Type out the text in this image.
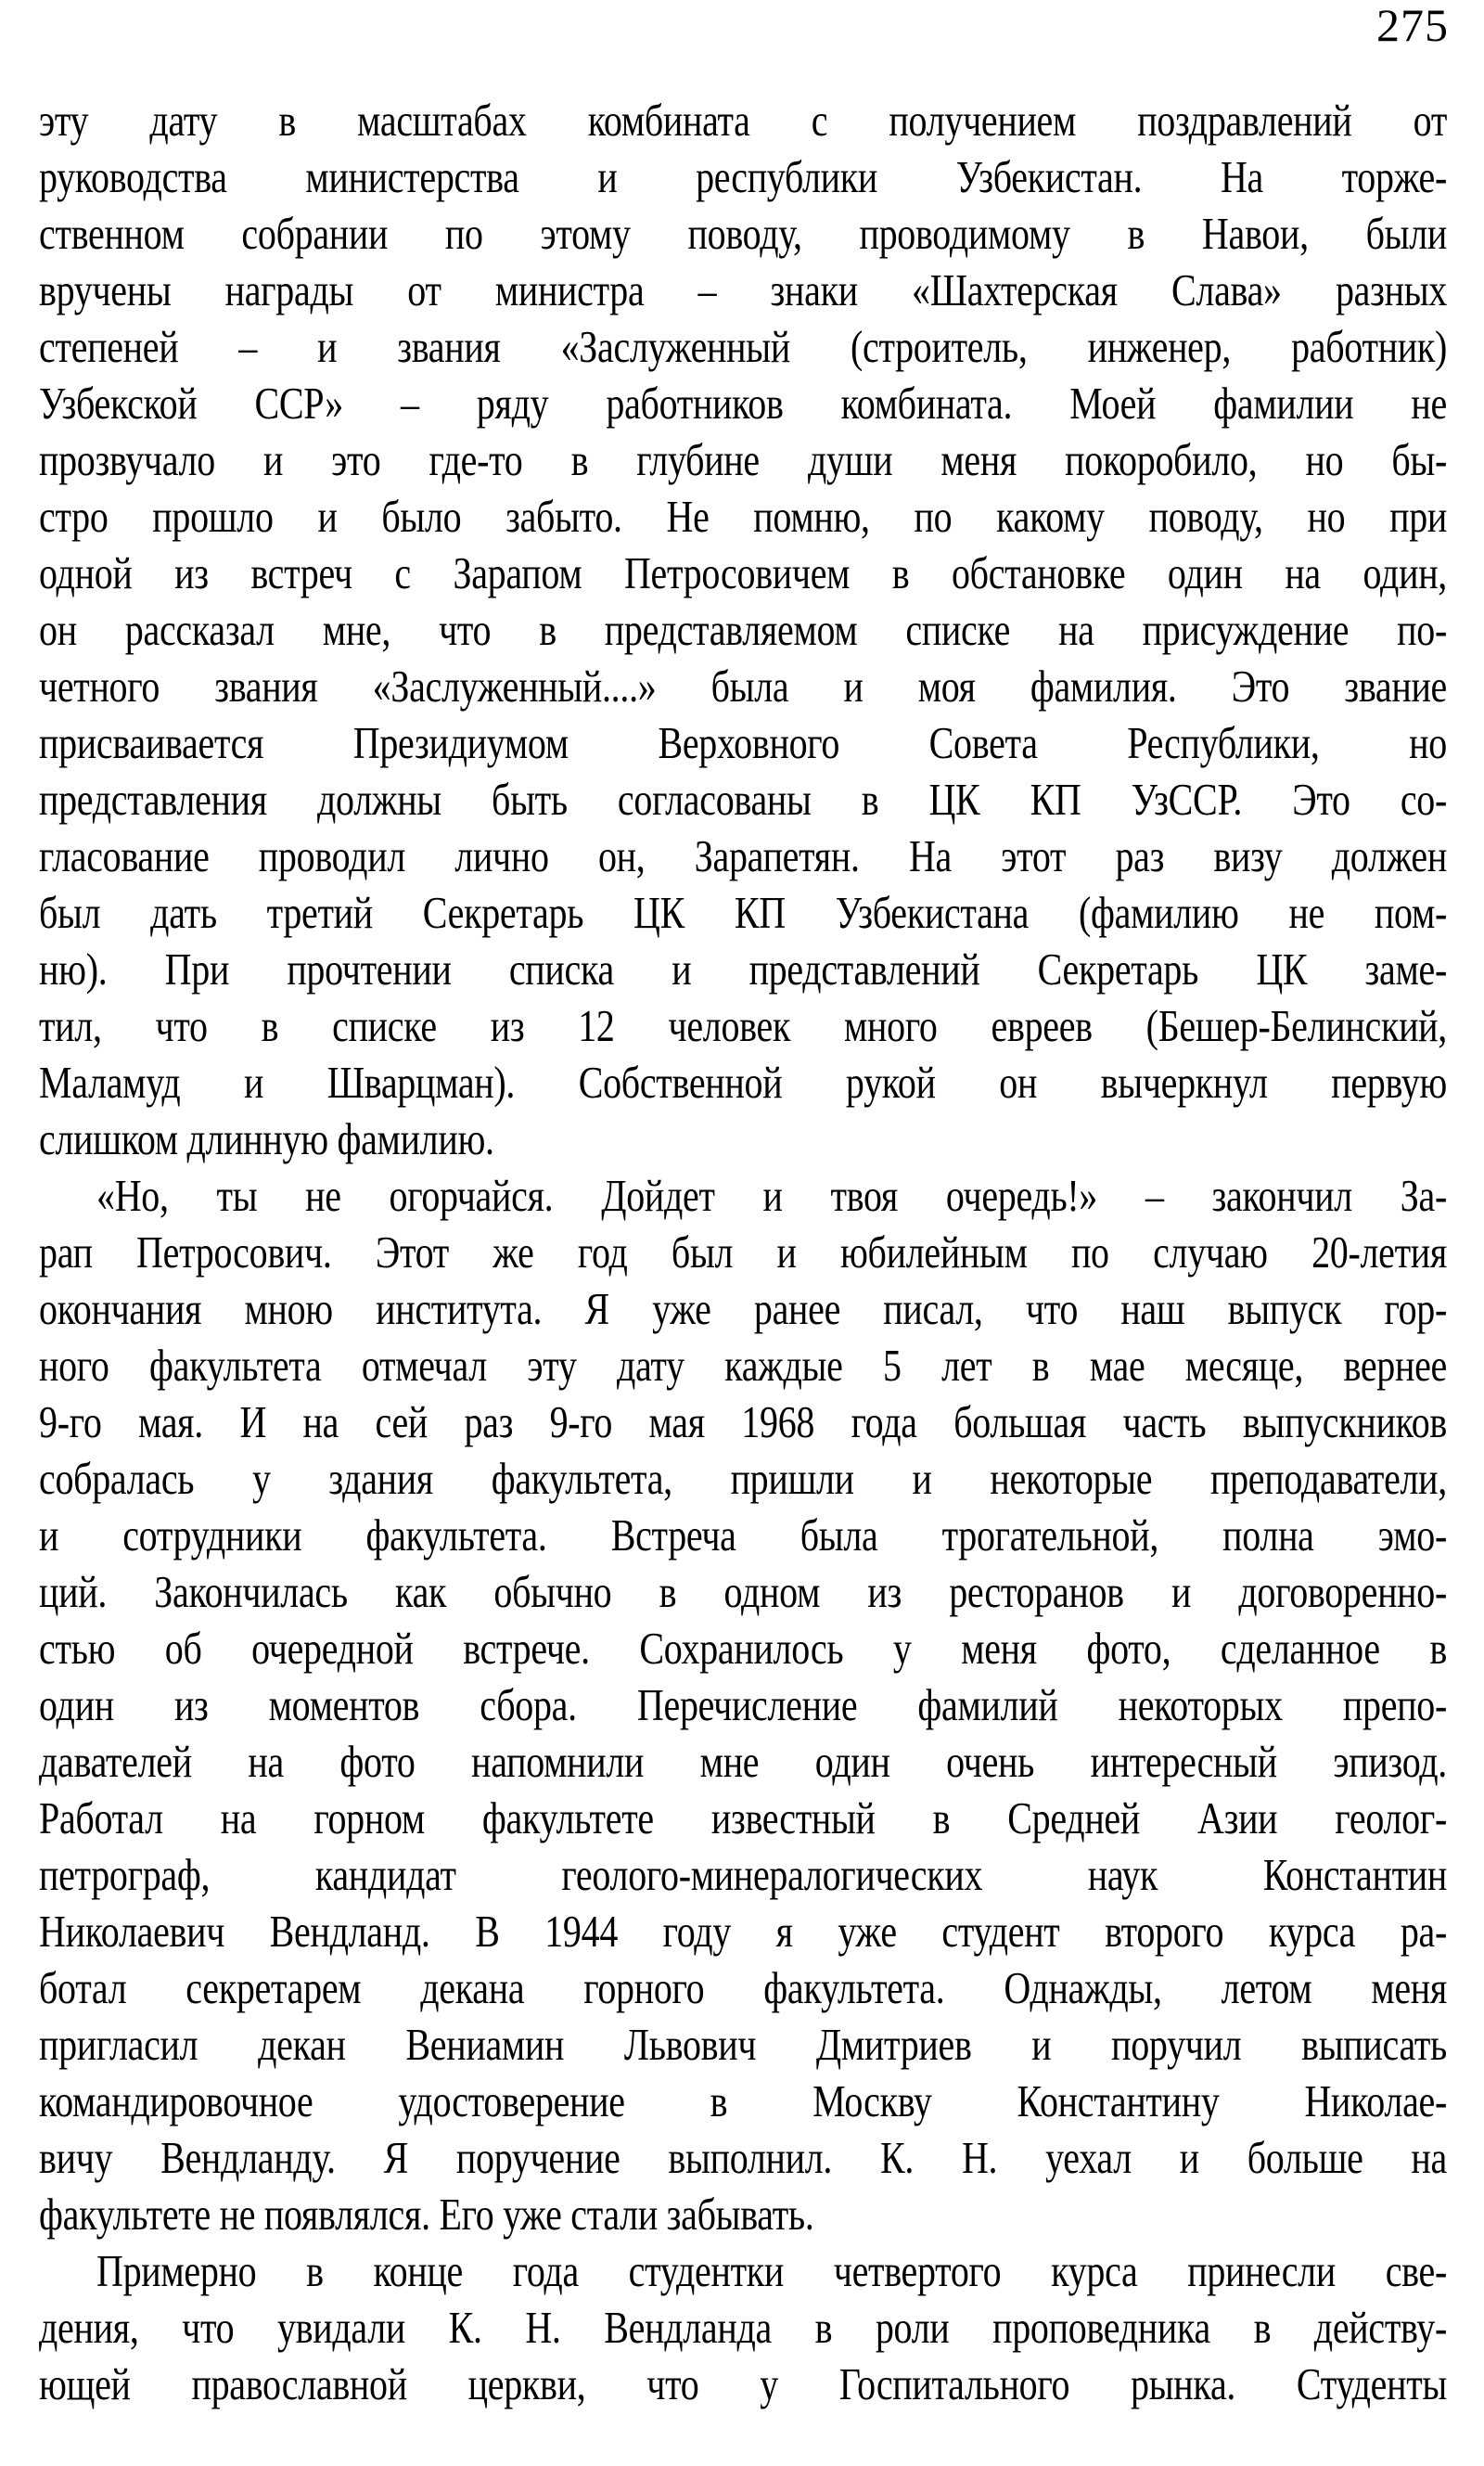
275
эту дату в масштабах комбината с получением поздравлений от
руководства министерства и республики Узбекистан. На торже-
ственном собрании по этому поводу, проводимому в Навои, были
вручены награды от министра – знаки «Шахтерская Слава» разных
степеней – и звания «Заслуженный (строитель, инженер, работник)
Узбекской ССР» – ряду работников комбината. Моей фамилии не
прозвучало и это где-то в глубине души меня покоробило, но бы-
стро прошло и было забыто. Не помню, по какому поводу, но при
одной из встреч с Зарапом Петросовичем в обстановке один на один,
он рассказал мне, что в представляемом списке на присуждение по-
четного звания «Заслуженный....» была и моя фамилия. Это звание
присваивается Президиумом Верховного Совета Республики, но
представления должны быть согласованы в ЦК КП УзССР. Это со-
гласование проводил лично он, Зарапетян. На этот раз визу должен
был дать третий Секретарь ЦК КП Узбекистана (фамилию не пом-
ню). При прочтении списка и представлений Секретарь ЦК заме-
тил, что в списке из 12 человек много евреев (Бешер-Белинский,
Маламуд и Шварцман). Собственной рукой он вычеркнул первую
слишком длинную фамилию.
«Но, ты не огорчайся. Дойдет и твоя очередь!» – закончил За-
рап Петросович. Этот же год был и юбилейным по случаю 20-летия
окончания мною института. Я уже ранее писал, что наш выпуск гор-
ного факультета отмечал эту дату каждые 5 лет в мае месяце, вернее
9-го мая. И на сей раз 9-го мая 1968 года большая часть выпускников
собралась у здания факультета, пришли и некоторые преподаватели,
и сотрудники факультета. Встреча была трогательной, полна эмо-
ций. Закончилась как обычно в одном из ресторанов и договоренно-
стью об очередной встрече. Сохранилось у меня фото, сделанное в
один из моментов сбора. Перечисление фамилий некоторых препо-
давателей на фото напомнили мне один очень интересный эпизод.
Работал на горном факультете известный в Средней Азии геолог-
петрограф, кандидат геолого-минералогических наук Константин
Николаевич Вендланд. В 1944 году я уже студент второго курса ра-
ботал секретарем декана горного факультета. Однажды, летом меня
пригласил декан Вениамин Львович Дмитриев и поручил выписать
командировочное удостоверение в Москву Константину Николае-
вичу Вендланду. Я поручение выполнил. К. Н. уехал и больше на
факультете не появлялся. Его уже стали забывать.
Примерно в конце года студентки четвертого курса принесли све-
дения, что увидали К. Н. Вендланда в роли проповедника в действу-
ющей православной церкви, что у Госпитального рынка. Студенты
